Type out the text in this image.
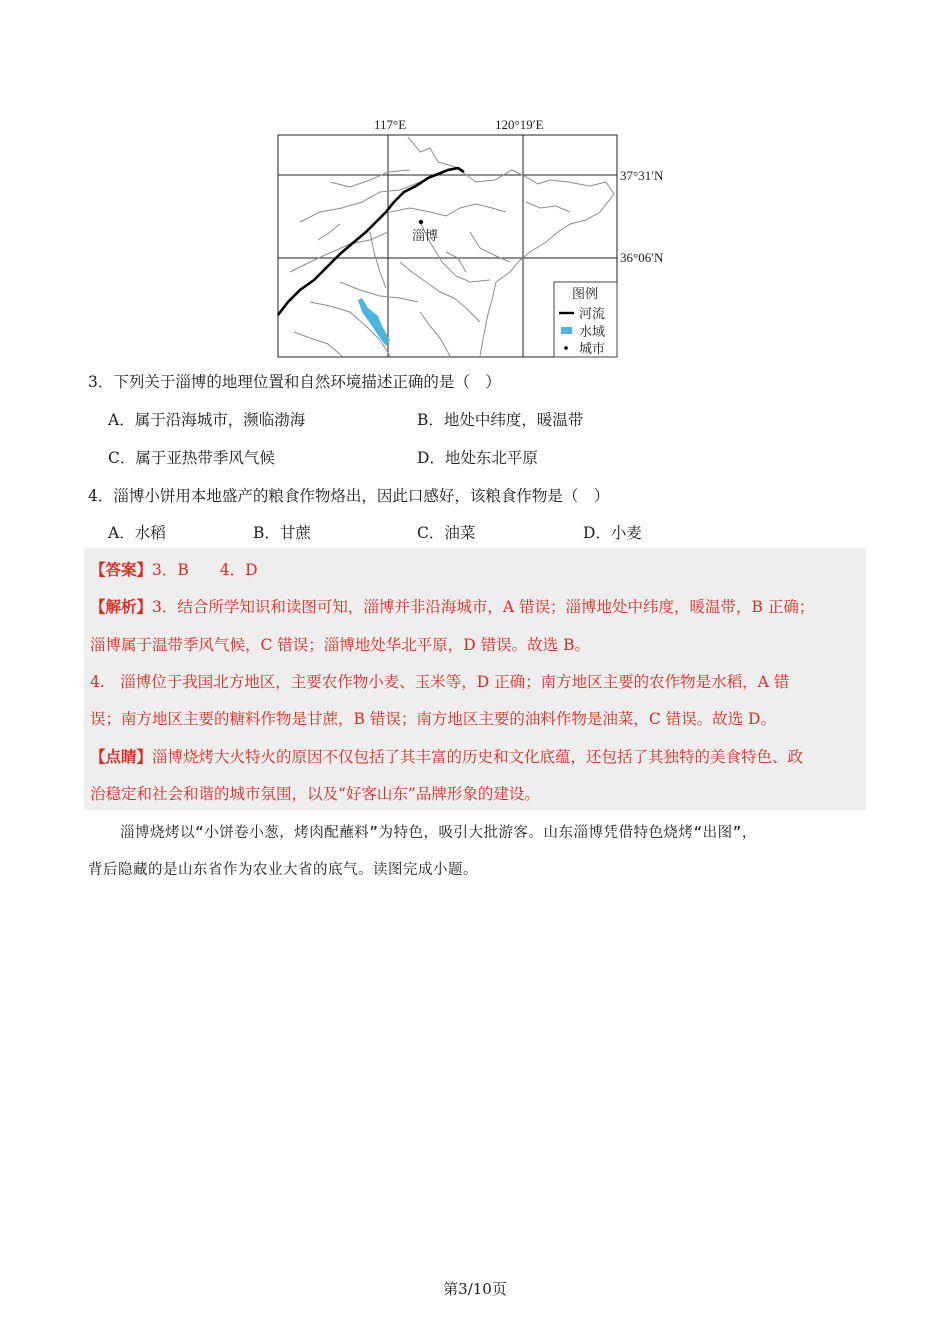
淄博
117°E	120°19′E
37°31′N
36°06′N
图例
河流
水域
城市
3．下列关于淄博的地理位置和自然环境描述正确的是（　）
A．属于沿海城市，濒临渤海	B．地处中纬度，暖温带
C．属于亚热带季风气候	D．地处东北平原
4．淄博小饼用本地盛产的粮食作物烙出，因此口感好，该粮食作物是（　）
A．水稻	B．甘蔗	C．油菜	D．小麦
【答案】3．B　　4．D
【解析】3．结合所学知识和读图可知，淄博并非沿海城市，A 错误；淄博地处中纬度，暖温带，B 正确；
淄博属于温带季风气候，C 错误；淄博地处华北平原，D 错误。故选 B。
4.　淄博位于我国北方地区，主要农作物小麦、玉米等，D 正确；南方地区主要的农作物是水稻，A 错
误；南方地区主要的糖料作物是甘蔗，B 错误；南方地区主要的油料作物是油菜，C 错误。故选 D。
【点睛】淄博烧烤大火特火的原因不仅包括了其丰富的历史和文化底蕴，还包括了其独特的美食特色、政
治稳定和社会和谐的城市氛围，以及“好客山东”品牌形象的建设。
淄博烧烤以“小饼卷小葱，烤肉配蘸料”为特色，吸引大批游客。山东淄博凭借特色烧烤“出图”，
背后隐藏的是山东省作为农业大省的底气。读图完成小题。
第3/10页
